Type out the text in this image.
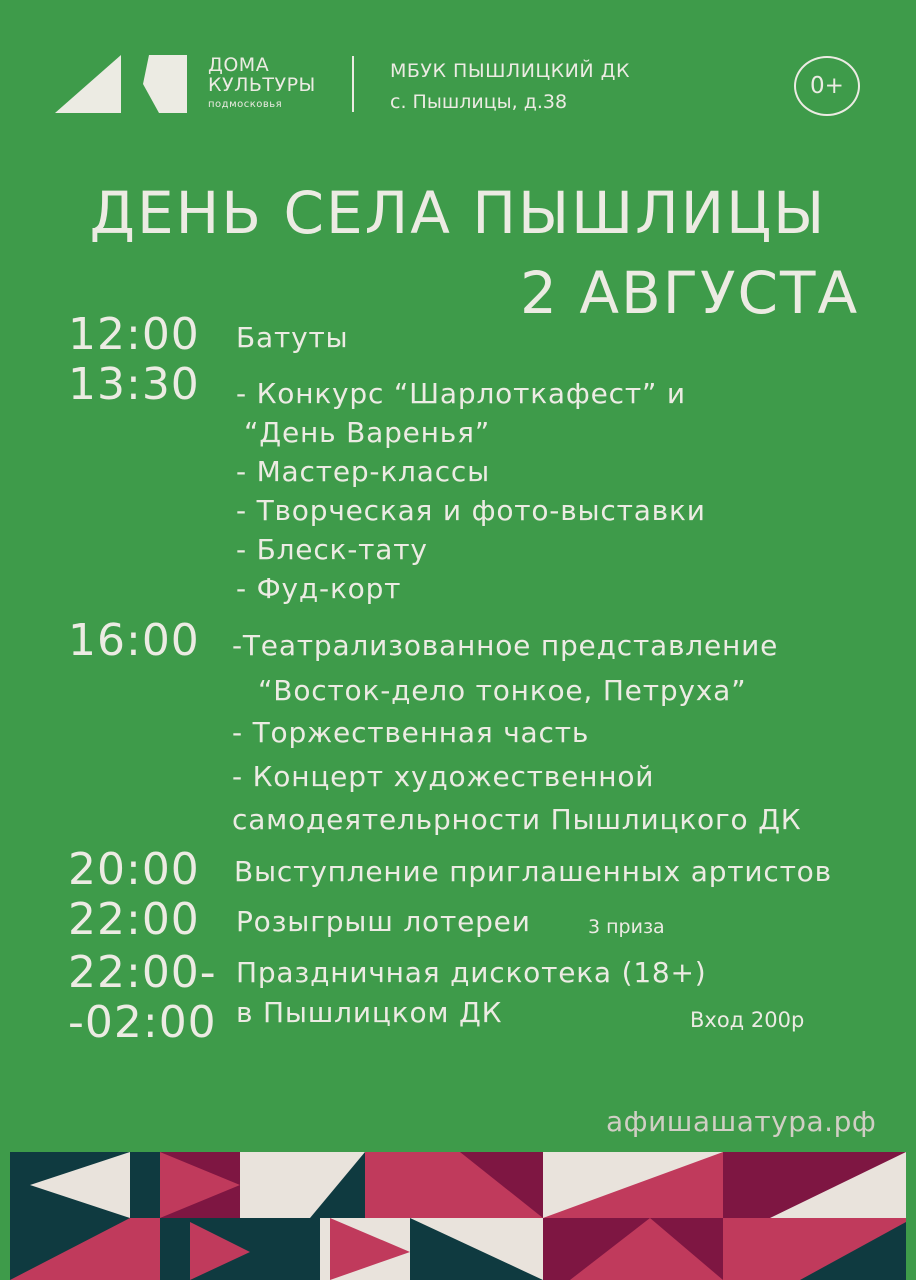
ДОМА
КУЛЬТУРЫ
подмосковья
МБУК ПЫШЛИЦКИЙ ДК
с. Пышлицы, д.38
0+
ДЕНЬ СЕЛА ПЫШЛИЦЫ
2 АВГУСТА
12:00 Батуты
13:30 - Конкурс “Шарлоткафест” и
“День Варенья”
- Мастер-классы
- Творческая и фото-выставки
- Блеск-тату
- Фуд-корт
16:00 -Театрализованное представление
“Восток-дело тонкое, Петруха”
- Торжественная часть
- Концерт художественной
самодеятельрности Пышлицкого ДК
20:00 Выступление приглашенных артистов
22:00 Розыгрыш лотереи	3 приза
22:00-
-02:00
Праздничная дискотека (18+)
в Пышлицком ДК	Вход 200р
афишашатура.рф
